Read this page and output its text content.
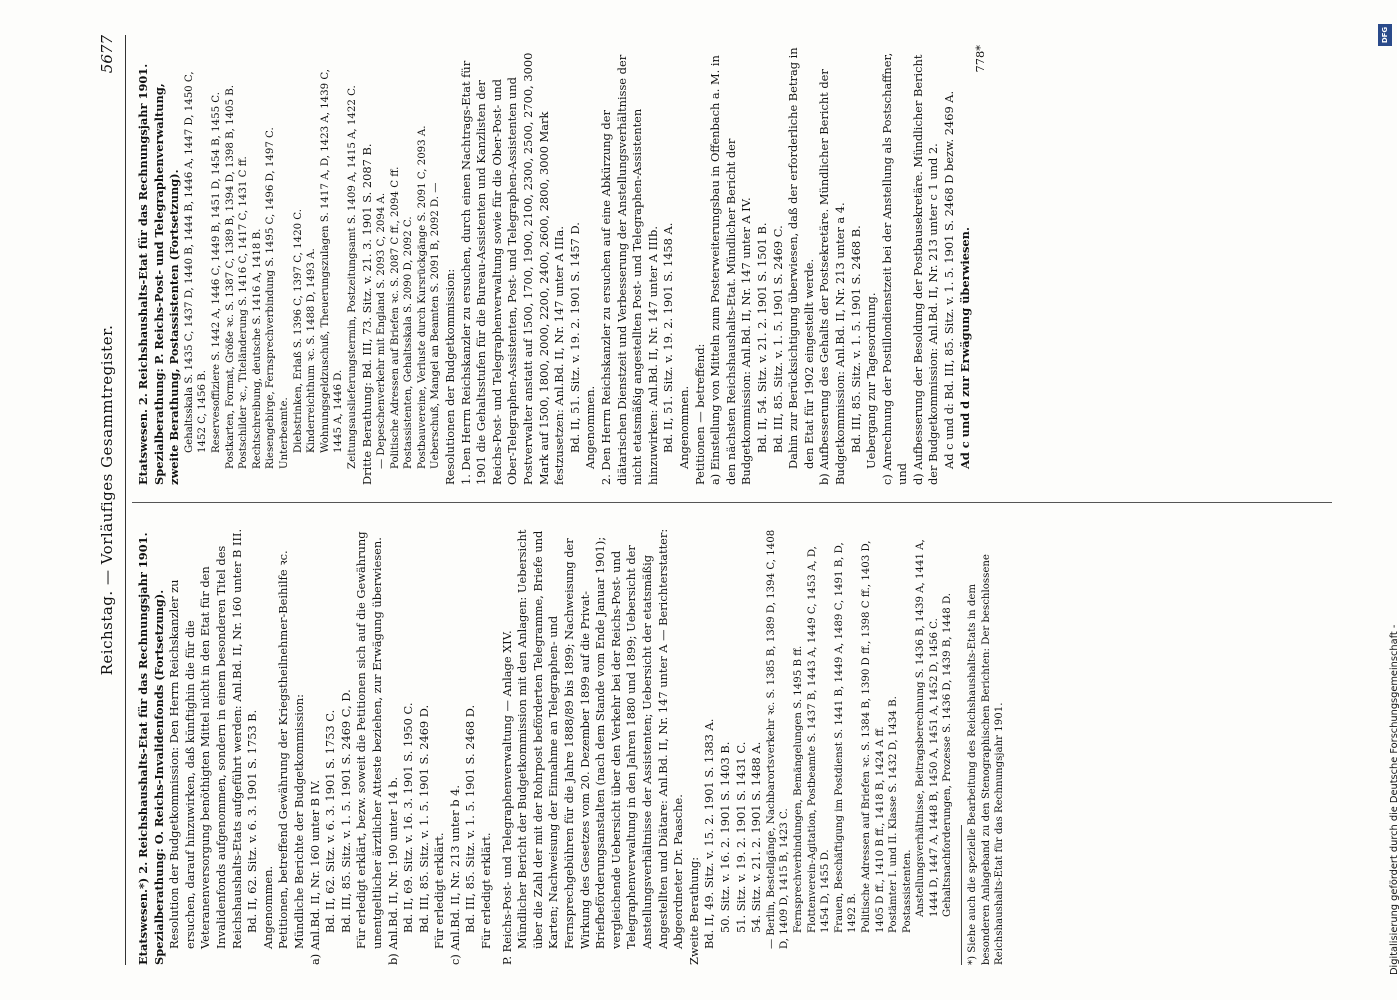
Reichstag. — Vorläufiges Gesammtregister.
5677

Etatswesen.*) 2. Reichshaushalts-Etat für das Rechnungsjahr 1901. Spezialberathung: O. Reichs-Invalidenfonds (Fortsetzung). Resolution der Budgetkommission: Den Herrn Reichskanzler zu ersuchen, darauf hinzuwirken, daß künftighin die für die Veteranenversorgung benöthigten Mittel nicht in den Etat für den Invalidenfonds aufgenommen, sondern in einem besonderen Titel des Reichshaushalts-Etats aufgeführt werden: Anl.Bd. II, Nr. 160 unter B III. Bd. II, 62. Sitz. v. 6. 3. 1901 S. 1753 B. Angenommen. Petitionen, betreffend Gewährung der Kriegstheilnehmer-Beihilfe ꝛc. Mündliche Berichte der Budgetkommission: a) Anl.Bd. II, Nr. 160 unter B IV. Bd. II, 62. Sitz. v. 6. 3. 1901 S. 1753 C. Bd. III, 85. Sitz. v. 1. 5. 1901 S. 2469 C, D. Für erledigt erklärt, bezw. soweit die Petitionen sich auf die Gewährung unentgeltlicher ärztlicher Atteste beziehen, zur Erwägung überwiesen. b) Anl.Bd. II, Nr. 190 unter 14 b. Bd. II, 69. Sitz. v. 16. 3. 1901 S. 1950 C. Bd. III, 85. Sitz. v. 1. 5. 1901 S. 2469 D. Für erledigt erklärt. c) Anl.Bd. II, Nr. 213 unter b 4. Bd. III, 85. Sitz. v. 1. 5. 1901 S. 2468 D. Für erledigt erklärt. P. Reichs-Post- und Telegraphenverwaltung — Anlage XIV. Mündlicher Bericht der Budgetkommission mit den Anlagen: Uebersicht über die Zahl der mit der Rohrpost beförderten Telegramme, Briefe und Karten; Nachweisung der Einnahme an Telegraphen- und Fernsprechgebühren für die Jahre 1888/89 bis 1899; Nachweisung der Wirkung des Gesetzes vom 20. Dezember 1899 auf die Privat-Briefbeförderungsanstalten (nach dem Stande vom Ende Januar 1901); vergleichende Uebersicht über den Verkehr bei der Reichs-Post- und Telegraphenverwaltung in den Jahren 1880 und 1899; Uebersicht der Anstellungsverhältnisse der Assistenten; Uebersicht der etatsmäßig Angestellten und Diätare: Anl.Bd. II, Nr. 147 unter A — Berichterstatter: Abgeordneter Dr. Paasche. Zweite Berathung: Bd. II, 49. Sitz. v. 15. 2. 1901 S. 1383 A. 50. Sitz. v. 16. 2. 1901 S. 1403 B. 51. Sitz. v. 19. 2. 1901 S. 1431 C. 54. Sitz. v. 21. 2. 1901 S. 1488 A. — Berlin, Bestellgänge, Nachbarortsverkehr ꝛc. S. 1385 B, 1389 D, 1394 C, 1408 D, 1409 D, 1415 B, 1423 C. Fernsprechverbindungen, Bemängelungen S. 1495 B ff. Flottenverein-Agitation, Postbeamte S. 1437 B, 1443 A, 1449 C, 1453 A, D, 1454 D, 1455 D. Frauen, Beschäftigung im Postdienst S. 1441 B, 1449 A, 1489 C, 1491 B, D, 1492 B. Politische Adressen auf Briefen ꝛc. S. 1384 B, 1390 D ff., 1398 C ff., 1403 D, 1405 D ff., 1410 B ff., 1418 B, 1424 A ff. Postämter I. und II. Klasse S. 1432 D, 1434 B. Postassistenten. Anstellungsverhältnisse, Beitragsberechnung S. 1436 B, 1439 A, 1441 A, 1444 D, 1447 A, 1448 B, 1450 A, 1451 A, 1452 D, 1456 C. Gehaltsnachforderungen, Prozesse S. 1436 D, 1439 B, 1448 D. *) Siehe auch die spezielle Bearbeitung des Reichshaushalts-Etats in dem besonderen Anlageband zu den Stenographischen Berichten: Der beschlossene Reichshaushalts-Etat für das Rechnungsjahr 1901.

Etatswesen. 2. Reichshaushalts-Etat für das Rechnungsjahr 1901. Spezialberathung: P. Reichs-Post- und Telegraphenverwaltung, zweite Berathung, Postassistenten (Fortsetzung). Gehaltsskala S. 1435 C, 1437 D, 1440 B, 1444 B, 1446 A, 1447 D, 1450 C, 1452 C, 1456 B. Reservesoffiziere S. 1442 A, 1446 C, 1449 B, 1451 D, 1454 B, 1455 C. Postkarten, Format, Größe ꝛc. S. 1387 C, 1389 B, 1394 D, 1398 B, 1405 B. Postschilder ꝛc., Titeländerung S. 1416 C, 1417 C, 1431 C ff. Rechtschreibung, deutsche S. 1416 A, 1418 B. Riesengebirge, Fernsprechverbindung S. 1495 C, 1496 D, 1497 C. Unterbeamte. Diebstrinken, Erlaß S. 1396 C, 1397 C, 1420 C. Kinderreichthum ꝛc. S. 1488 D, 1493 A. Wohnungsgeldzuschuß, Theuerungszulagen S. 1417 A, D, 1423 A, 1439 C, 1445 A, 1446 D. Zeitungsauslieferungstermin, Postzeitungsamt S. 1409 A, 1415 A, 1422 C. Dritte Berathung: Bd. III, 73. Sitz. v. 21. 3. 1901 S. 2087 B. — Depeschenverkehr mit England S. 2093 C, 2094 A. Politische Adressen auf Briefen ꝛc. S. 2087 C ff., 2094 C ff. Postassistenten, Gehaltsskala S. 2090 D, 2092 C. Postbauvereine, Verluste durch Kursrückgänge S. 2091 C, 2093 A. Ueberschuß, Mangel an Beamten S. 2091 B, 2092 D. — Resolutionen der Budgetkommission: 1. Den Herrn Reichskanzler zu ersuchen, durch einen Nachtrags-Etat für 1901 die Gehaltsstufen für die Bureau-Assistenten und Kanzlisten der Reichs-Post- und Telegraphenverwaltung sowie für die Ober-Post- und Ober-Telegraphen-Assistenten, Post- und Telegraphen-Assistenten und Postverwalter anstatt auf 1500, 1700, 1900, 2100, 2300, 2500, 2700, 3000 Mark auf 1500, 1800, 2000, 2200, 2400, 2600, 2800, 3000 Mark festzusetzen: Anl.Bd. II, Nr. 147 unter A IIIa. Bd. II, 51. Sitz. v. 19. 2. 1901 S. 1457 D. Angenommen. 2. Den Herrn Reichskanzler zu ersuchen auf eine Abkürzung der diätarischen Dienstzeit und Verbesserung der Anstellungsverhältnisse der nicht etatsmäßig angestellten Post- und Telegraphen-Assistenten hinzuwirken: Anl.Bd. II, Nr. 147 unter A IIIb. Bd. II, 51. Sitz. v. 19. 2. 1901 S. 1458 A. Angenommen. Petitionen — betreffend: a) Einstellung von Mitteln zum Posterweiterungsbau in Offenbach a. M. in den nächsten Reichshaushalts-Etat. Mündlicher Bericht der Budgetkommission: Anl.Bd. II, Nr. 147 unter A IV. Bd. II, 54. Sitz. v. 21. 2. 1901 S. 1501 B. Bd. III, 85. Sitz. v. 1. 5. 1901 S. 2469 C. Dahin zur Berücksichtigung überwiesen, daß der erforderliche Betrag in den Etat für 1902 eingestellt werde. b) Aufbesserung des Gehalts der Postsekretäre. Mündlicher Bericht der Budgetkommission: Anl.Bd. II, Nr. 213 unter a 4. Bd. III, 85. Sitz. v. 1. 5. 1901 S. 2468 B. Uebergang zur Tagesordnung. c) Anrechnung der Postillondienstzeit bei der Anstellung als Postschaffner, und d) Aufbesserung der Besoldung der Postbausekretäre. Mündlicher Bericht der Budgetkommission: Anl.Bd. II, Nr. 213 unter c 1 und 2. Ad c und d: Bd. III, 85. Sitz. v. 1. 5. 1901 S. 2468 D bezw. 2469 A. Ad c und d zur Erwägung überwiesen.

778*

Digitalisierung gefördert durch die Deutsche Forschungsgemeinschaft -
DFG
